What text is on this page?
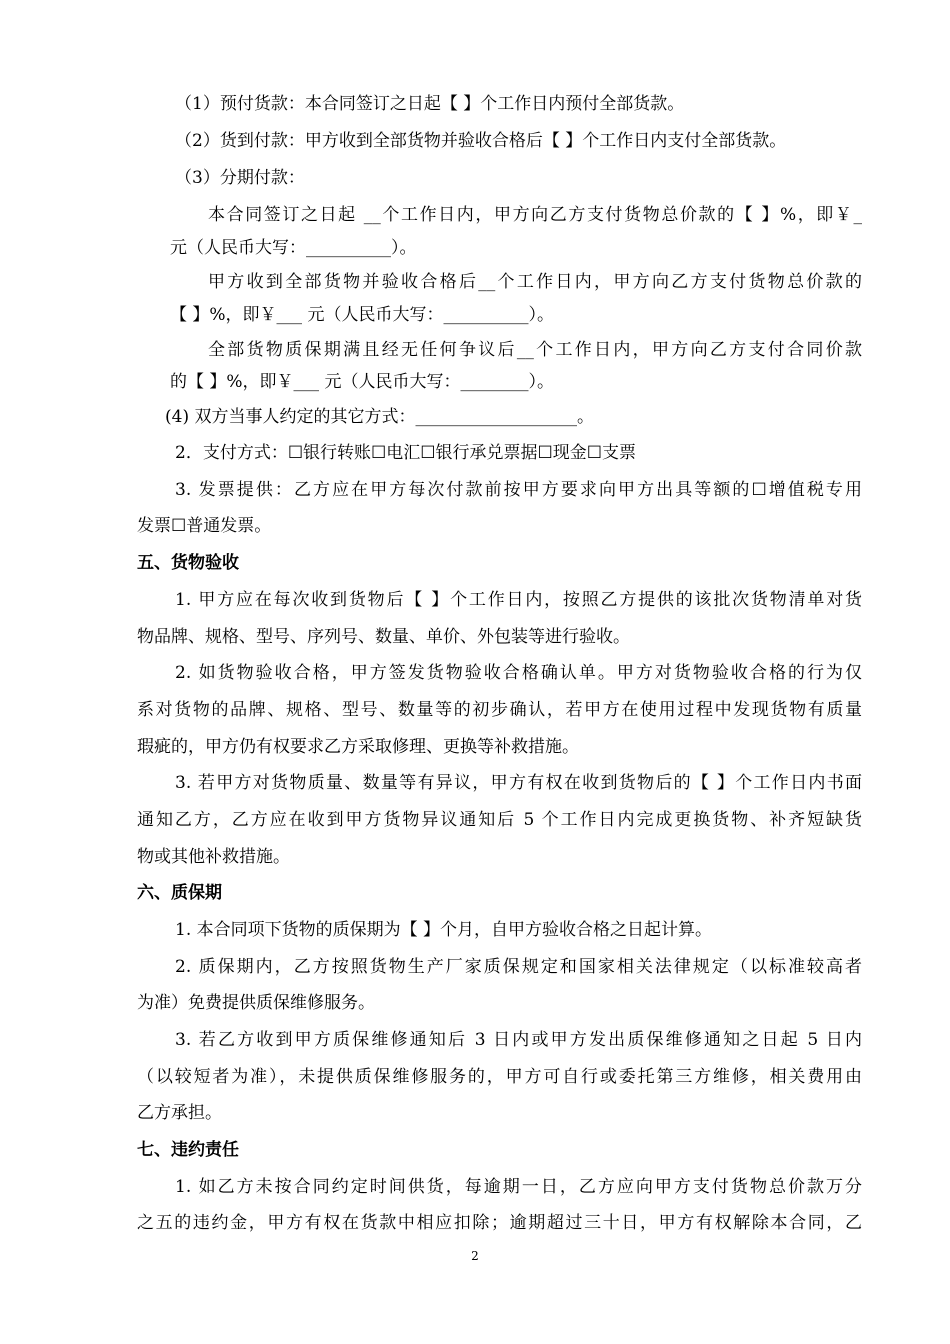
（1）预付货款：本合同签订之日起【 】个工作日内预付全部货款。
（2）货到付款：甲方收到全部货物并验收合格后【 】个工作日内支付全部货款。
（3）分期付款：
本合同签订之日起 __个工作日内，甲方向乙方支付货物总价款的【 】%，即￥_
元（人民币大写：__________）。
甲方收到全部货物并验收合格后__个工作日内，甲方向乙方支付货物总价款的
【 】%，即￥___ 元（人民币大写：__________）。
全部货物质保期满且经无任何争议后__个工作日内，甲方向乙方支付合同价款
的【 】%，即￥___ 元（人民币大写：________）。
(4) 双方当事人约定的其它方式：___________________。
2．支付方式：☐银行转账☐电汇☐银行承兑票据☐现金☐支票
3. 发票提供：乙方应在甲方每次付款前按甲方要求向甲方出具等额的☐增值税专用
发票☐普通发票。
五、货物验收
1. 甲方应在每次收到货物后【 】个工作日内，按照乙方提供的该批次货物清单对货
物品牌、规格、型号、序列号、数量、单价、外包装等进行验收。
2. 如货物验收合格，甲方签发货物验收合格确认单。甲方对货物验收合格的行为仅
系对货物的品牌、规格、型号、数量等的初步确认，若甲方在使用过程中发现货物有质量
瑕疵的，甲方仍有权要求乙方采取修理、更换等补救措施。
3. 若甲方对货物质量、数量等有异议，甲方有权在收到货物后的【 】个工作日内书面
通知乙方，乙方应在收到甲方货物异议通知后 5 个工作日内完成更换货物、补齐短缺货
物或其他补救措施。
六、质保期
1. 本合同项下货物的质保期为【 】个月，自甲方验收合格之日起计算。
2. 质保期内，乙方按照货物生产厂家质保规定和国家相关法律规定（以标准较高者
为准）免费提供质保维修服务。
3. 若乙方收到甲方质保维修通知后 3 日内或甲方发出质保维修通知之日起 5 日内
（以较短者为准），未提供质保维修服务的，甲方可自行或委托第三方维修，相关费用由
乙方承担。
七、违约责任
1. 如乙方未按合同约定时间供货，每逾期一日，乙方应向甲方支付货物总价款万分
之五的违约金，甲方有权在货款中相应扣除；逾期超过三十日，甲方有权解除本合同，乙
2
